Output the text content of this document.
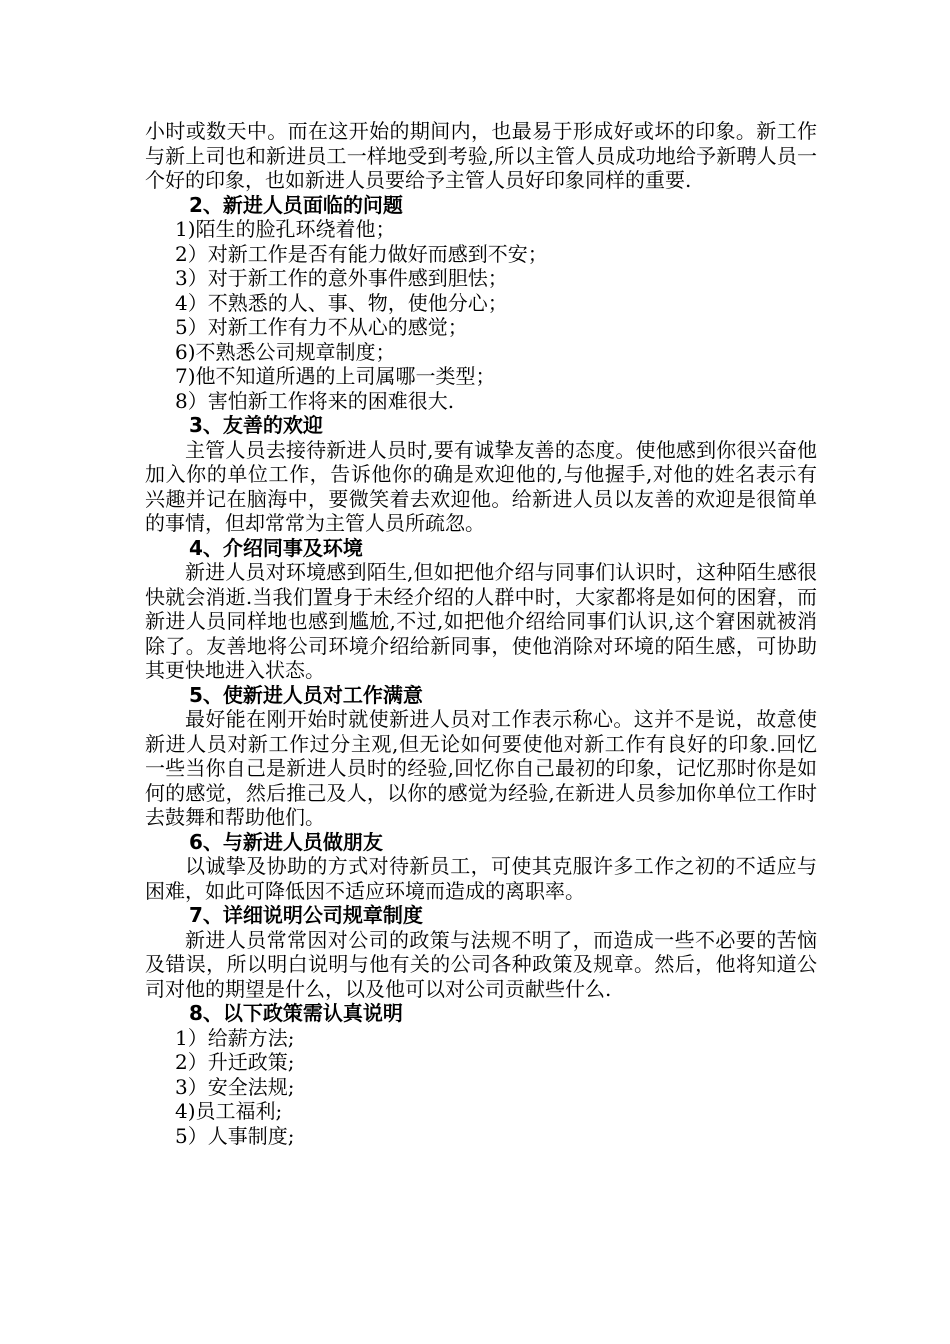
小时或数天中。而在这开始的期间内，也最易于形成好或坏的印象。新工作与新上司也和新进员工一样地受到考验,所以主管人员成功地给予新聘人员一个好的印象，也如新进人员要给予主管人员好印象同样的重要.

2、新进人员面临的问题
1)陌生的脸孔环绕着他；
2）对新工作是否有能力做好而感到不安；
3）对于新工作的意外事件感到胆怯；
4）不熟悉的人、事、物，使他分心；
5）对新工作有力不从心的感觉；
6)不熟悉公司规章制度；
7)他不知道所遇的上司属哪一类型；
8）害怕新工作将来的困难很大.
3、友善的欢迎

主管人员去接待新进人员时,要有诚挚友善的态度。使他感到你很兴奋他加入你的单位工作，告诉他你的确是欢迎他的,与他握手,对他的姓名表示有兴趣并记在脑海中，要微笑着去欢迎他。给新进人员以友善的欢迎是很简单的事情，但却常常为主管人员所疏忽。

4、介绍同事及环境

新进人员对环境感到陌生,但如把他介绍与同事们认识时，这种陌生感很快就会消逝.当我们置身于未经介绍的人群中时，大家都将是如何的困窘，而新进人员同样地也感到尴尬,不过,如把他介绍给同事们认识,这个窘困就被消除了。友善地将公司环境介绍给新同事，使他消除对环境的陌生感，可协助其更快地进入状态。

5、使新进人员对工作满意

最好能在刚开始时就使新进人员对工作表示称心。这并不是说，故意使新进人员对新工作过分主观,但无论如何要使他对新工作有良好的印象.回忆一些当你自己是新进人员时的经验,回忆你自己最初的印象，记忆那时你是如何的感觉，然后推己及人，以你的感觉为经验,在新进人员参加你单位工作时去鼓舞和帮助他们。

6、与新进人员做朋友

以诚挚及协助的方式对待新员工，可使其克服许多工作之初的不适应与困难，如此可降低因不适应环境而造成的离职率。

7、详细说明公司规章制度

新进人员常常因对公司的政策与法规不明了，而造成一些不必要的苦恼及错误，所以明白说明与他有关的公司各种政策及规章。然后，他将知道公司对他的期望是什么，以及他可以对公司贡献些什么.

8、以下政策需认真说明
1）给薪方法;
2）升迁政策;
3）安全法规;
4)员工福利;
5）人事制度;
